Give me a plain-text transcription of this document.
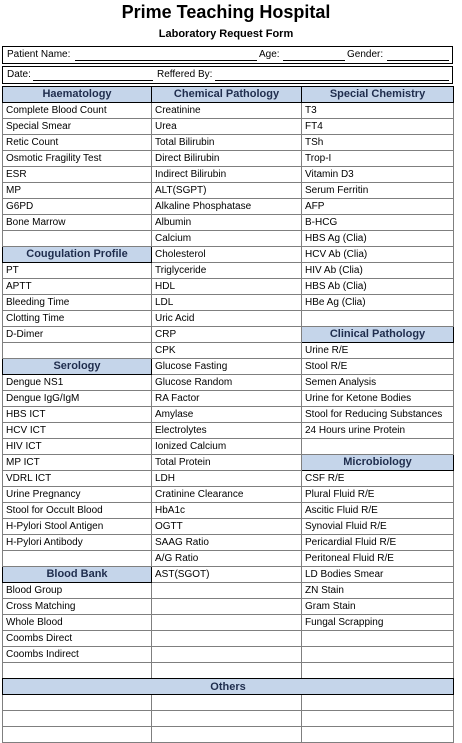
Prime Teaching Hospital
Laboratory Request Form
Patient Name:	Age:	Gender:
Date:	Reffered By:
Haematology	Chemical Pathology	Special Chemistry
Complete Blood Count	Creatinine	T3
Special Smear	Urea	FT4
Retic Count	Total Bilirubin	TSh
Osmotic Fragility Test	Direct Bilirubin	Trop-I
ESR	Indirect Bilirubin	Vitamin D3
MP	ALT(SGPT)	Serum Ferritin
G6PD	Alkaline Phosphatase	AFP
Bone Marrow	Albumin	B-HCG
	Calcium	HBS Ag (Clia)
Cougulation Profile	Cholesterol	HCV Ab (Clia)
PT	Triglyceride	HIV Ab (Clia)
APTT	HDL	HBS Ab (Clia)
Bleeding Time	LDL	HBe Ag (Clia)
Clotting Time	Uric Acid	
D-Dimer	CRP	Clinical Pathology
	CPK	Urine R/E
Serology	Glucose Fasting	Stool R/E
Dengue NS1	Glucose Random	Semen Analysis
Dengue IgG/IgM	RA Factor	Urine for Ketone Bodies
HBS ICT	Amylase	Stool for Reducing Substances
HCV ICT	Electrolytes	24 Hours urine Protein
HIV ICT	Ionized Calcium	
MP ICT	Total Protein	Microbiology
VDRL ICT	LDH	CSF R/E
Urine Pregnancy	Cratinine Clearance	Plural Fluid R/E
Stool for Occult Blood	HbA1c	Ascitic Fluid R/E
H-Pylori Stool Antigen	OGTT	Synovial Fluid R/E
H-Pylori Antibody	SAAG Ratio	Pericardial Fluid R/E
	A/G Ratio	Peritoneal Fluid R/E
Blood Bank	AST(SGOT)	LD Bodies Smear
Blood Group		ZN Stain
Cross Matching		Gram Stain
Whole Blood		Fungal Scrapping
Coombs Direct		
Coombs Indirect		

Others		
